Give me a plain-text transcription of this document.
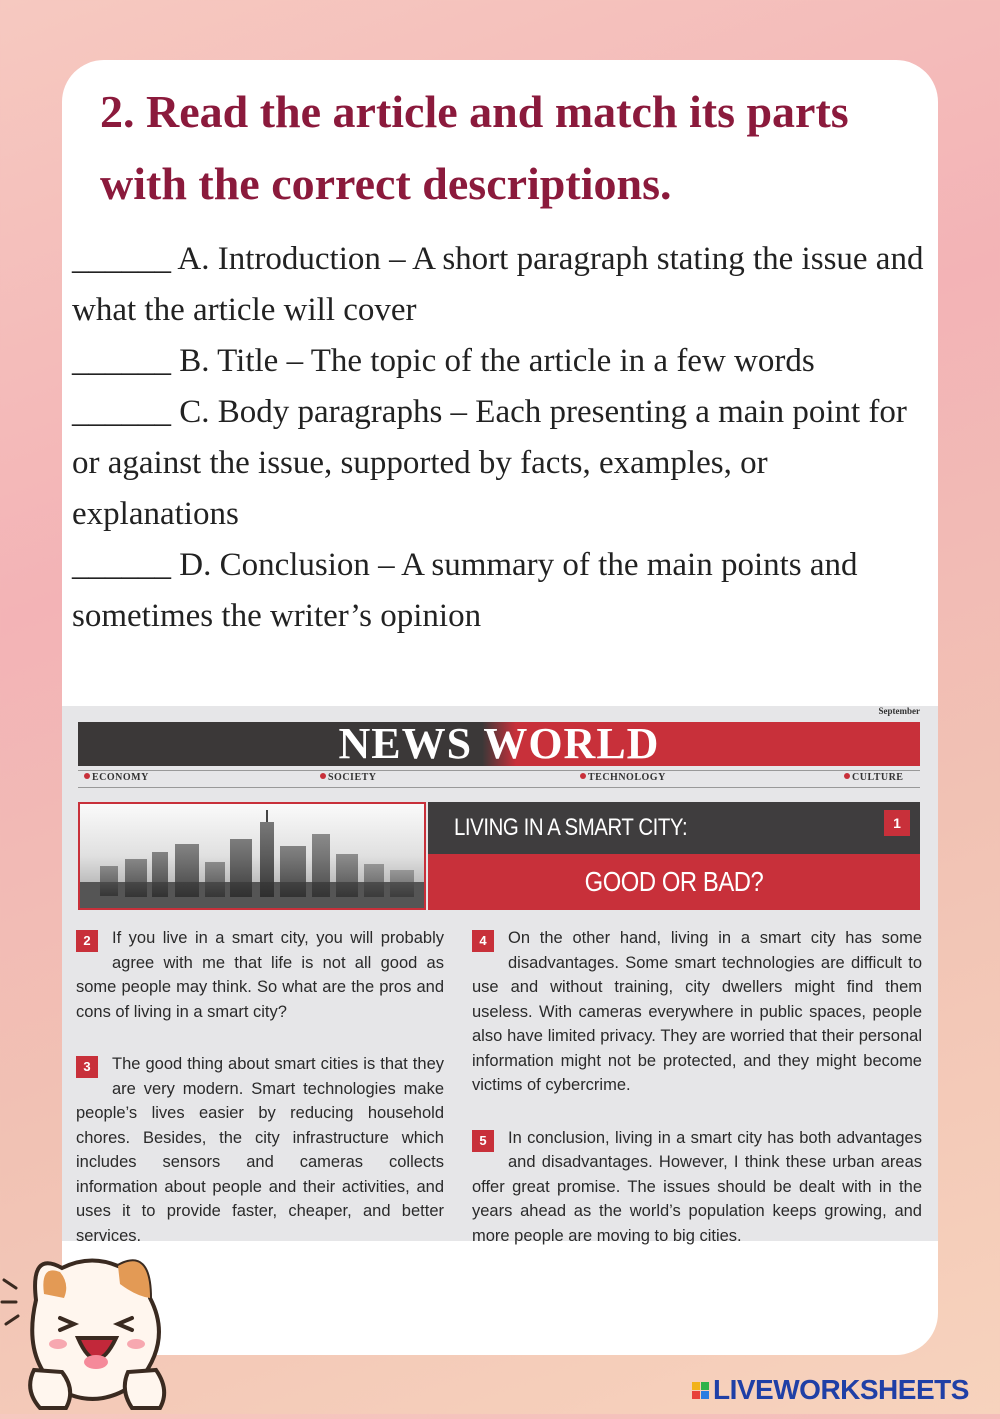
2. Read the article and match its parts with the correct descriptions.

______ A. Introduction – A short paragraph stating the issue and what the article will cover

______ B. Title – The topic of the article in a few words

______ C. Body paragraphs – Each presenting a main point for or against the issue, supported by facts, examples, or explanations

______ D. Conclusion – A summary of the main points and sometimes the writer’s opinion

September
NEWS WORLD
ECONOMY	SOCIETY	TECHNOLOGY	CULTURE
LIVING IN A SMART CITY:	1
GOOD OR BAD?

2	If you live in a smart city, you will probably agree with me that life is not all good as some people may think. So what are the pros and cons of living in a smart city?

3	The good thing about smart cities is that they are very modern. Smart technologies make people’s lives easier by reducing household chores. Besides, the city infrastructure which includes sensors and cameras collects information about people and their activities, and uses it to provide faster, cheaper, and better services.

4	On the other hand, living in a smart city has some disadvantages. Some smart technologies are difficult to use and without training, city dwellers might find them useless. With cameras everywhere in public spaces, people also have limited privacy. They are worried that their personal information might not be protected, and they might become victims of cybercrime.

5	In conclusion, living in a smart city has both advantages and disadvantages. However, I think these urban areas offer great promise. The issues should be dealt with in the years ahead as the world’s population keeps growing, and more people are moving to big cities.

LIVEWORKSHEETS
